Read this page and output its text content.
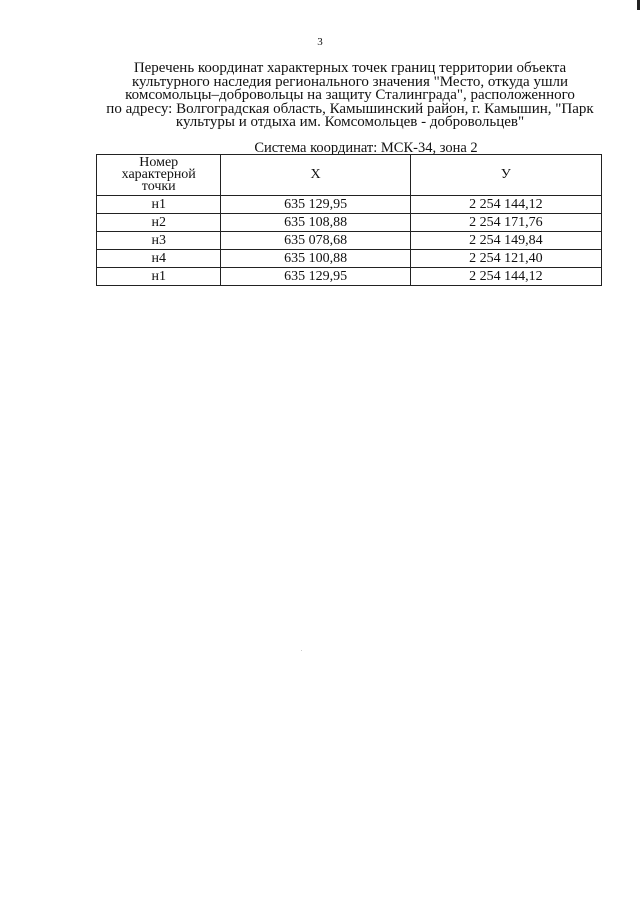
3
Перечень координат характерных точек границ территории объекта
культурного наследия регионального значения "Место, откуда ушли
комсомольцы–добровольцы на защиту Сталинграда", расположенного
по адресу: Волгоградская область, Камышинский район, г. Камышин, "Парк
культуры и отдыха им. Комсомольцев - добровольцев"
Система координат: МСК-34, зона 2
Номер
характерной
точки	X	У
н1	635 129,95	2 254 144,12
н2	635 108,88	2 254 171,76
н3	635 078,68	2 254 149,84
н4	635 100,88	2 254 121,40
н1	635 129,95	2 254 144,12
